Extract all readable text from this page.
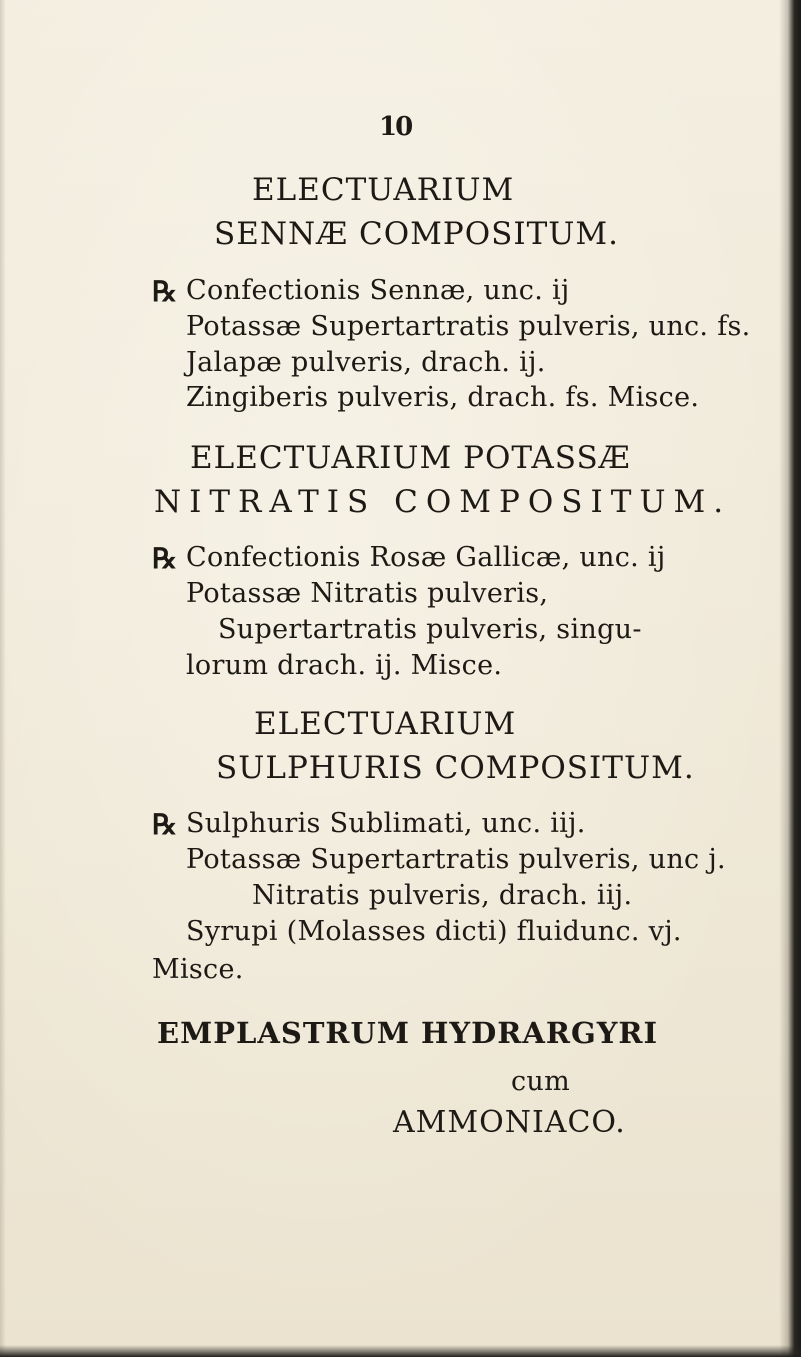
10
ELECTUARIUM
SENNÆ COMPOSITUM.
℞ Confectionis Sennæ, unc. ij
Potassæ Supertartratis pulveris, unc. fs.
Jalapæ pulveris, drach. ij.
Zingiberis pulveris, drach. fs. Misce.
ELECTUARIUM POTASSÆ
NITRATIS COMPOSITUM.
℞ Confectionis Rosæ Gallicæ, unc. ij
Potassæ Nitratis pulveris,
Supertartratis pulveris, singu-
lorum drach. ij. Misce.
ELECTUARIUM
SULPHURIS COMPOSITUM.
℞ Sulphuris Sublimati, unc. iij.
Potassæ Supertartratis pulveris, unc j.
Nitratis pulveris, drach. iij.
Syrupi (Molasses dicti) fluidunc. vj.
Misce.
EMPLASTRUM HYDRARGYRI
cum
AMMONIACO.
